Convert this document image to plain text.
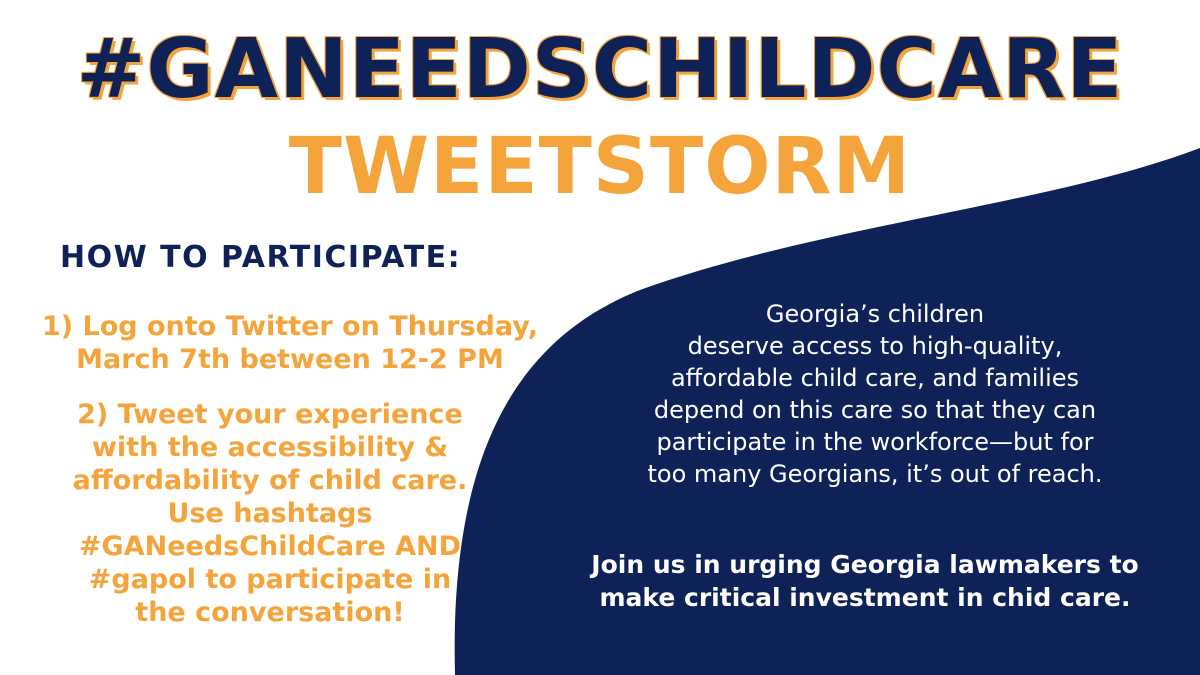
#GANEEDSCHILDCARE
TWEETSTORM
HOW TO PARTICIPATE:
1) Log onto Twitter on Thursday,
March 7th between 12-2 PM
2) Tweet your experience
with the accessibility &
affordability of child care.
Use hashtags
#GANeedsChildCare AND
#gapol to participate in
the conversation!
Georgia’s children
deserve access to high-quality,
affordable child care, and families
depend on this care so that they can
participate in the workforce—but for
too many Georgians, it’s out of reach.
Join us in urging Georgia lawmakers to
make critical investment in chid care.
